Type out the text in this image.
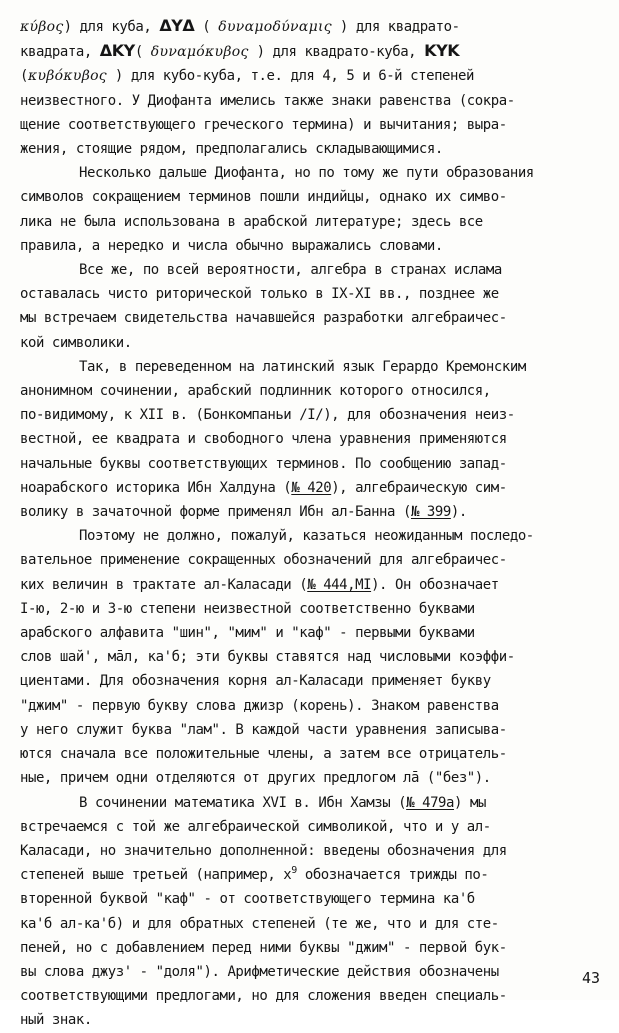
κύβος) для куба, ΔΥΔ ( δυναμοδύναμις ) для квадрато-
квадрата, ΔΚΥ( δυναμόκυβος ) для квадрато-куба, ΚΥΚ
(κυβόκυβος ) для кубо-куба, т.е. для 4, 5 и 6-й степеней
неизвестного. У Диофанта имелись также знаки равенства (сокра-
щение соответствующего греческого термина) и вычитания; выра-
жения, стоящие рядом, предполагались складывающимися.
Несколько дальше Диофанта, но по тому же пути образования
символов сокращением терминов пошли индийцы, однако их симво-
лика не была использована в арабской литературе; здесь все
правила, а нередко и числа обычно выражались словами.
Все же, по всей вероятности, алгебра в странах ислама
оставалась чисто риторической только в IX-XI вв., позднее же
мы встречаем свидетельства начавшейся разработки алгебраичес-
кой символики.
Так, в переведенном на латинский язык Герардо Кремонским
анонимном сочинении, арабский подлинник которого относился,
по-видимому, к XII в. (Бонкомпаньи /I/), для обозначения неиз-
вестной, ее квадрата и свободного члена уравнения применяются
начальные буквы соответствующих терминов. По сообщению запад-
ноарабского историка Ибн Халдуна (№ 420), алгебраическую сим-
волику в зачаточной форме применял Ибн ал-Банна (№ 399).
Поэтому не должно, пожалуй, казаться неожиданным последо-
вательное применение сокращенных обозначений для алгебраичес-
ких величин в трактате ал-Каласади (№ 444,MI). Он обозначает
I-ю, 2-ю и 3-ю степени неизвестной соответственно буквами
арабского алфавита "шин", "мим" и "каф" - первыми буквами
слов шай', мāл, ка'б; эти буквы ставятся над числовыми коэффи-
циентами. Для обозначения корня ал-Каласади применяет букву
"джим" - первую букву слова джизр (корень). Знаком равенства
у него служит буква "лам". В каждой части уравнения записыва-
ются сначала все положительные члены, а затем все отрицатель-
ные, причем одни отделяются от других предлогом лā ("без").
В сочинении математика XVI в. Ибн Хамзы (№ 479а) мы
встречаемся с той же алгебраической символикой, что и у ал-
Каласади, но значительно дополненной: введены обозначения для
степеней выше третьей (например, $x^9$ обозначается трижды по-
вторенной буквой "каф" - от соответствующего термина ка'б
ка'б ал-ка'б) и для обратных степеней (те же, что и для сте-
пеней, но с добавлением перед ними буквы "джим" - первой бук-
вы слова джуз' - "доля"). Арифметические действия обозначены
соответствующими предлогами, но для сложения введен специаль-
ный знак.
43
